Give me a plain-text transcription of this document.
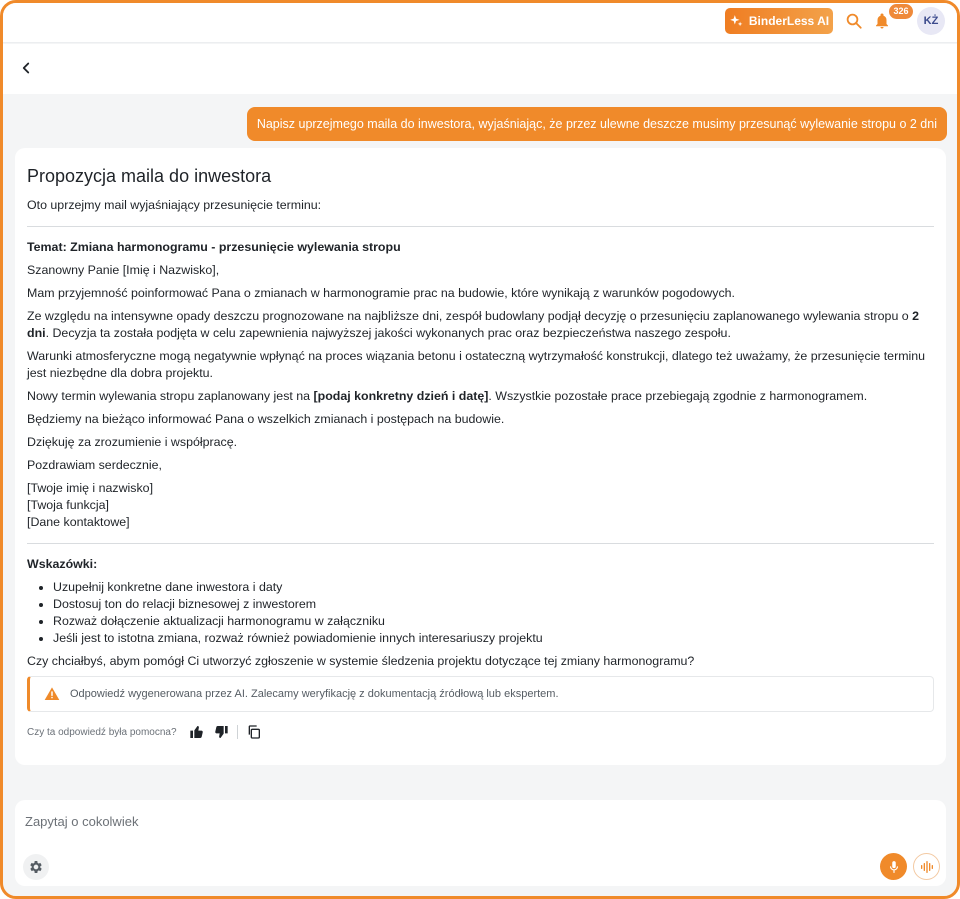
BinderLess AI
326
KŻ
Napisz uprzejmego maila do inwestora, wyjaśniając, że przez ulewne deszcze musimy przesunąć wylewanie stropu o 2 dni
Propozycja maila do inwestora
Oto uprzejmy mail wyjaśniający przesunięcie terminu:
Temat: Zmiana harmonogramu - przesunięcie wylewania stropu
Szanowny Panie [Imię i Nazwisko],
Mam przyjemność poinformować Pana o zmianach w harmonogramie prac na budowie, które wynikają z warunków pogodowych.
Ze względu na intensywne opady deszczu prognozowane na najbliższe dni, zespół budowlany podjął decyzję o przesunięciu zaplanowanego wylewania stropu o 2 dni. Decyzja ta została podjęta w celu zapewnienia najwyższej jakości wykonanych prac oraz bezpieczeństwa naszego zespołu.
Warunki atmosferyczne mogą negatywnie wpłynąć na proces wiązania betonu i ostateczną wytrzymałość konstrukcji, dlatego też uważamy, że przesunięcie terminu jest niezbędne dla dobra projektu.
Nowy termin wylewania stropu zaplanowany jest na [podaj konkretny dzień i datę]. Wszystkie pozostałe prace przebiegają zgodnie z harmonogramem.
Będziemy na bieżąco informować Pana o wszelkich zmianach i postępach na budowie.
Dziękuję za zrozumienie i współpracę.
Pozdrawiam serdecznie,
[Twoje imię i nazwisko]
[Twoja funkcja]
[Dane kontaktowe]
Wskazówki:
• Uzupełnij konkretne dane inwestora i daty
• Dostosuj ton do relacji biznesowej z inwestorem
• Rozważ dołączenie aktualizacji harmonogramu w załączniku
• Jeśli jest to istotna zmiana, rozważ również powiadomienie innych interesariuszy projektu
Czy chciałbyś, abym pomógł Ci utworzyć zgłoszenie w systemie śledzenia projektu dotyczące tej zmiany harmonogramu?
Odpowiedź wygenerowana przez AI. Zalecamy weryfikację z dokumentacją źródłową lub ekspertem.
Czy ta odpowiedź była pomocna?
Zapytaj o cokolwiek
